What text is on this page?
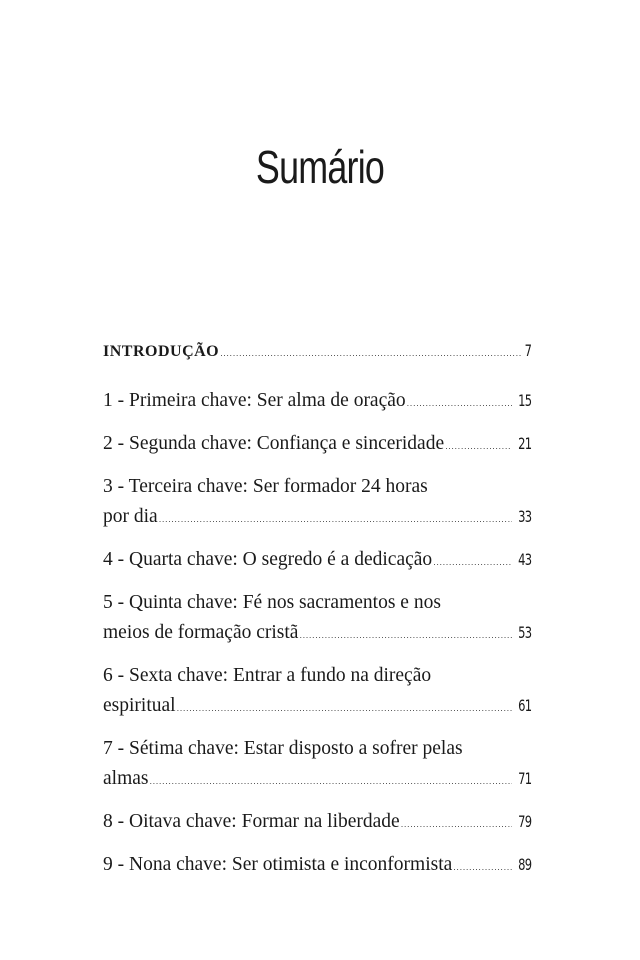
Sumário
INTRODUÇÃO .....	7
1 - Primeira chave: Ser alma de oração .....	15
2 - Segunda chave: Confiança e sinceridade .....	21
3 - Terceira chave: Ser formador 24 horas
por dia .....	33
4 - Quarta chave: O segredo é a dedicação .....	43
5 - Quinta chave: Fé nos sacramentos e nos
meios de formação cristã .....	53
6 - Sexta chave: Entrar a fundo na direção
espiritual .....	61
7 - Sétima chave: Estar disposto a sofrer pelas
almas .....	71
8 - Oitava chave: Formar na liberdade .....	79
9 - Nona chave: Ser otimista e inconformista .....	89
